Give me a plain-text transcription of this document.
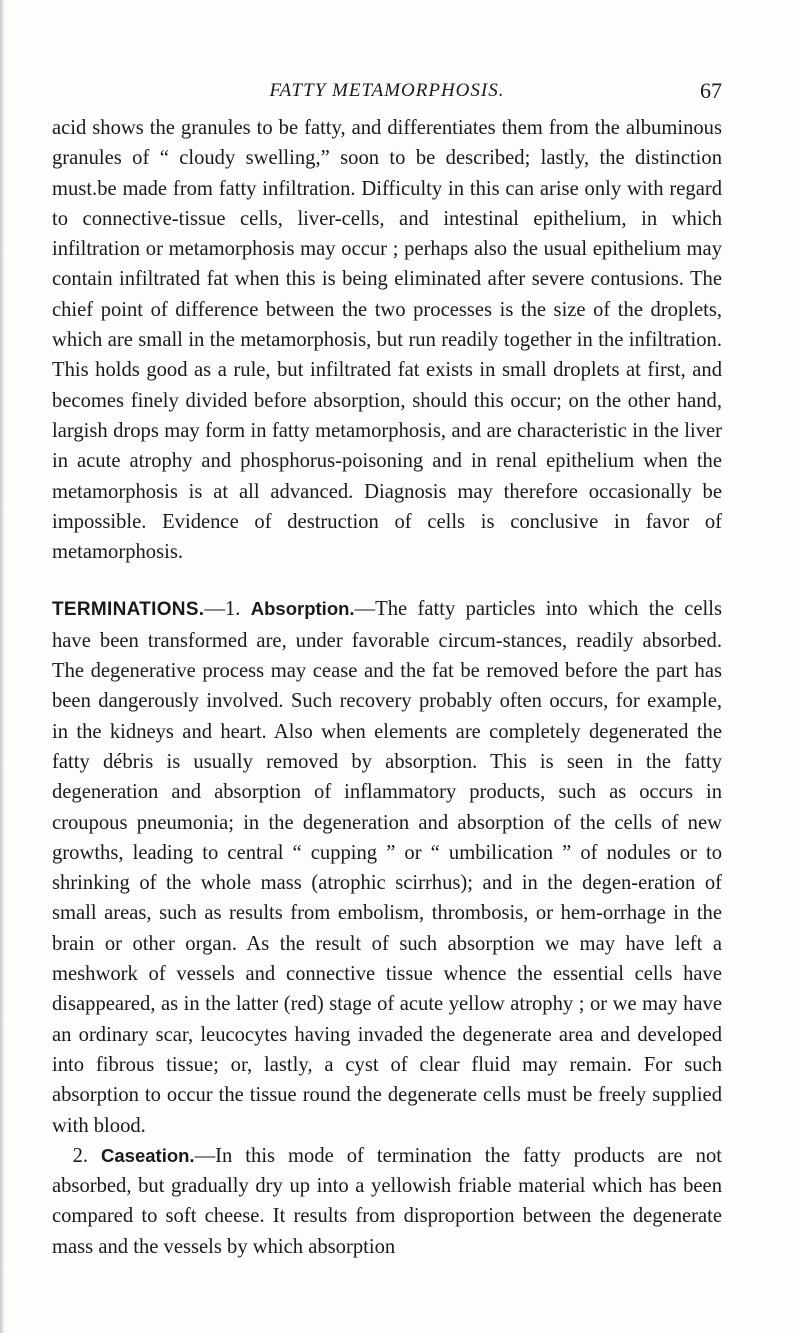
FATTY METAMORPHOSIS.	67

acid shows the granules to be fatty, and differentiates them from the albuminous granules of “ cloudy swelling,” soon to be described; lastly, the distinction must.be made from fatty infiltration. Difficulty in this can arise only with regard to connective-tissue cells, liver-cells, and intestinal epithelium, in which infiltration or metamorphosis may occur ; perhaps also the usual epithelium may contain infiltrated fat when this is being eliminated after severe contusions. The chief point of difference between the two processes is the size of the droplets, which are small in the metamorphosis, but run readily together in the infiltration. This holds good as a rule, but infiltrated fat exists in small droplets at first, and becomes finely divided before absorption, should this occur; on the other hand, largish drops may form in fatty metamorphosis, and are characteristic in the liver in acute atrophy and phosphorus-poisoning and in renal epithelium when the metamorphosis is at all advanced. Diagnosis may therefore occasionally be impossible. Evidence of destruction of cells is conclusive in favor of metamorphosis.

TERMINATIONS.—1. Absorption.—The fatty particles into which the cells have been transformed are, under favorable circum-stances, readily absorbed. The degenerative process may cease and the fat be removed before the part has been dangerously involved. Such recovery probably often occurs, for example, in the kidneys and heart. Also when elements are completely degenerated the fatty débris is usually removed by absorption. This is seen in the fatty degeneration and absorption of inflammatory products, such as occurs in croupous pneumonia; in the degeneration and absorption of the cells of new growths, leading to central “ cupping ” or “ umbilication ” of nodules or to shrinking of the whole mass (atrophic scirrhus); and in the degen-eration of small areas, such as results from embolism, thrombosis, or hem-orrhage in the brain or other organ. As the result of such absorption we may have left a meshwork of vessels and connective tissue whence the essential cells have disappeared, as in the latter (red) stage of acute yellow atrophy ; or we may have an ordinary scar, leucocytes having invaded the degenerate area and developed into fibrous tissue; or, lastly, a cyst of clear fluid may remain. For such absorption to occur the tissue round the degenerate cells must be freely supplied with blood.

 2. Caseation.—In this mode of termination the fatty products are not absorbed, but gradually dry up into a yellowish friable material which has been compared to soft cheese. It results from disproportion between the degenerate mass and the vessels by which absorption
